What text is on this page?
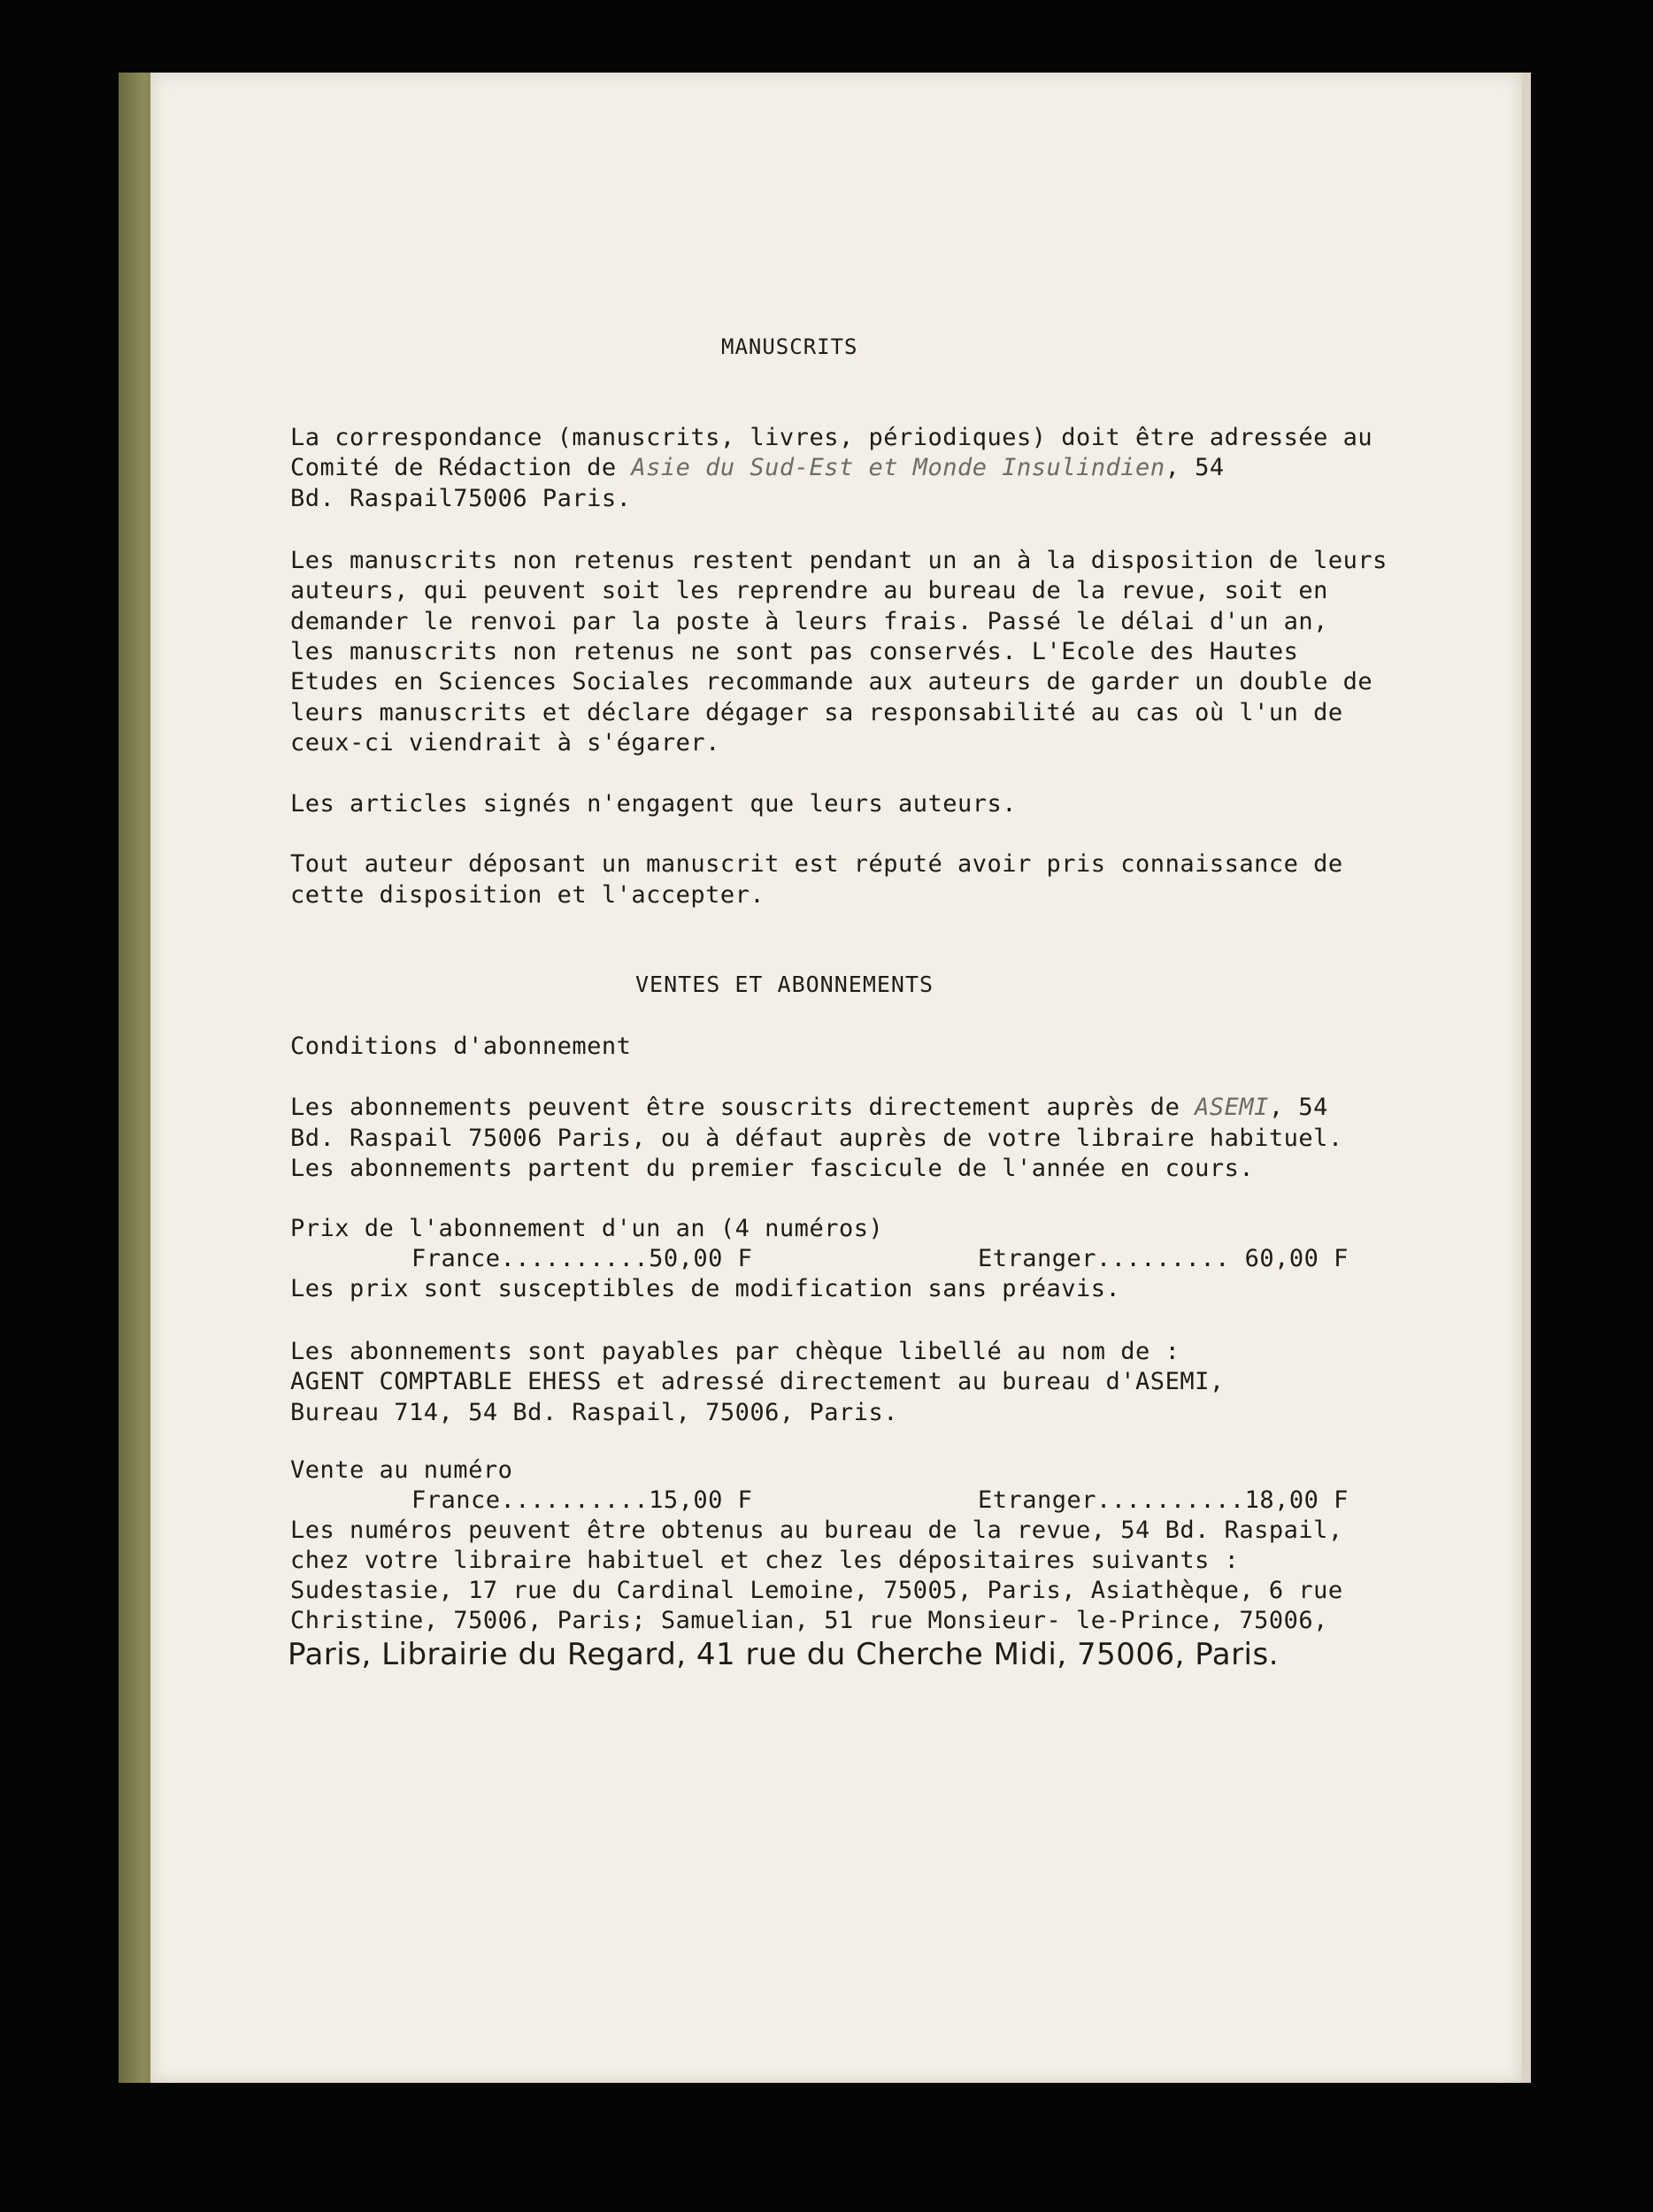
MANUSCRITS
La correspondance (manuscrits, livres, périodiques) doit être adressée au
Comité de Rédaction de Asie du Sud-Est et Monde Insulindien, 54
Bd. Raspail75006 Paris.
Les manuscrits non retenus restent pendant un an à la disposition de leurs
auteurs, qui peuvent soit les reprendre au bureau de la revue, soit en
demander le renvoi par la poste à leurs frais. Passé le délai d'un an,
les manuscrits non retenus ne sont pas conservés. L'Ecole des Hautes
Etudes en Sciences Sociales recommande aux auteurs de garder un double de
leurs manuscrits et déclare dégager sa responsabilité au cas où l'un de
ceux-ci viendrait à s'égarer.
Les articles signés n'engagent que leurs auteurs.
Tout auteur déposant un manuscrit est réputé avoir pris connaissance de
cette disposition et l'accepter.
VENTES ET ABONNEMENTS
Conditions d'abonnement
Les abonnements peuvent être souscrits directement auprès de ASEMI, 54
Bd. Raspail 75006 Paris, ou à défaut auprès de votre libraire habituel.
Les abonnements partent du premier fascicule de l'année en cours.
Prix de l'abonnement d'un an (4 numéros)
France..........50,00 F	Etranger......... 60,00 F
Les prix sont susceptibles de modification sans préavis.
Les abonnements sont payables par chèque libellé au nom de :
AGENT COMPTABLE EHESS et adressé directement au bureau d'ASEMI,
Bureau 714, 54 Bd. Raspail, 75006, Paris.
Vente au numéro
France..........15,00 F	Etranger..........18,00 F
Les numéros peuvent être obtenus au bureau de la revue, 54 Bd. Raspail,
chez votre libraire habituel et chez les dépositaires suivants :
Sudestasie, 17 rue du Cardinal Lemoine, 75005, Paris, Asiathèque, 6 rue
Christine, 75006, Paris; Samuelian, 51 rue Monsieur- le-Prince, 75006,
Paris, Librairie du Regard, 41 rue du Cherche Midi, 75006, Paris.
